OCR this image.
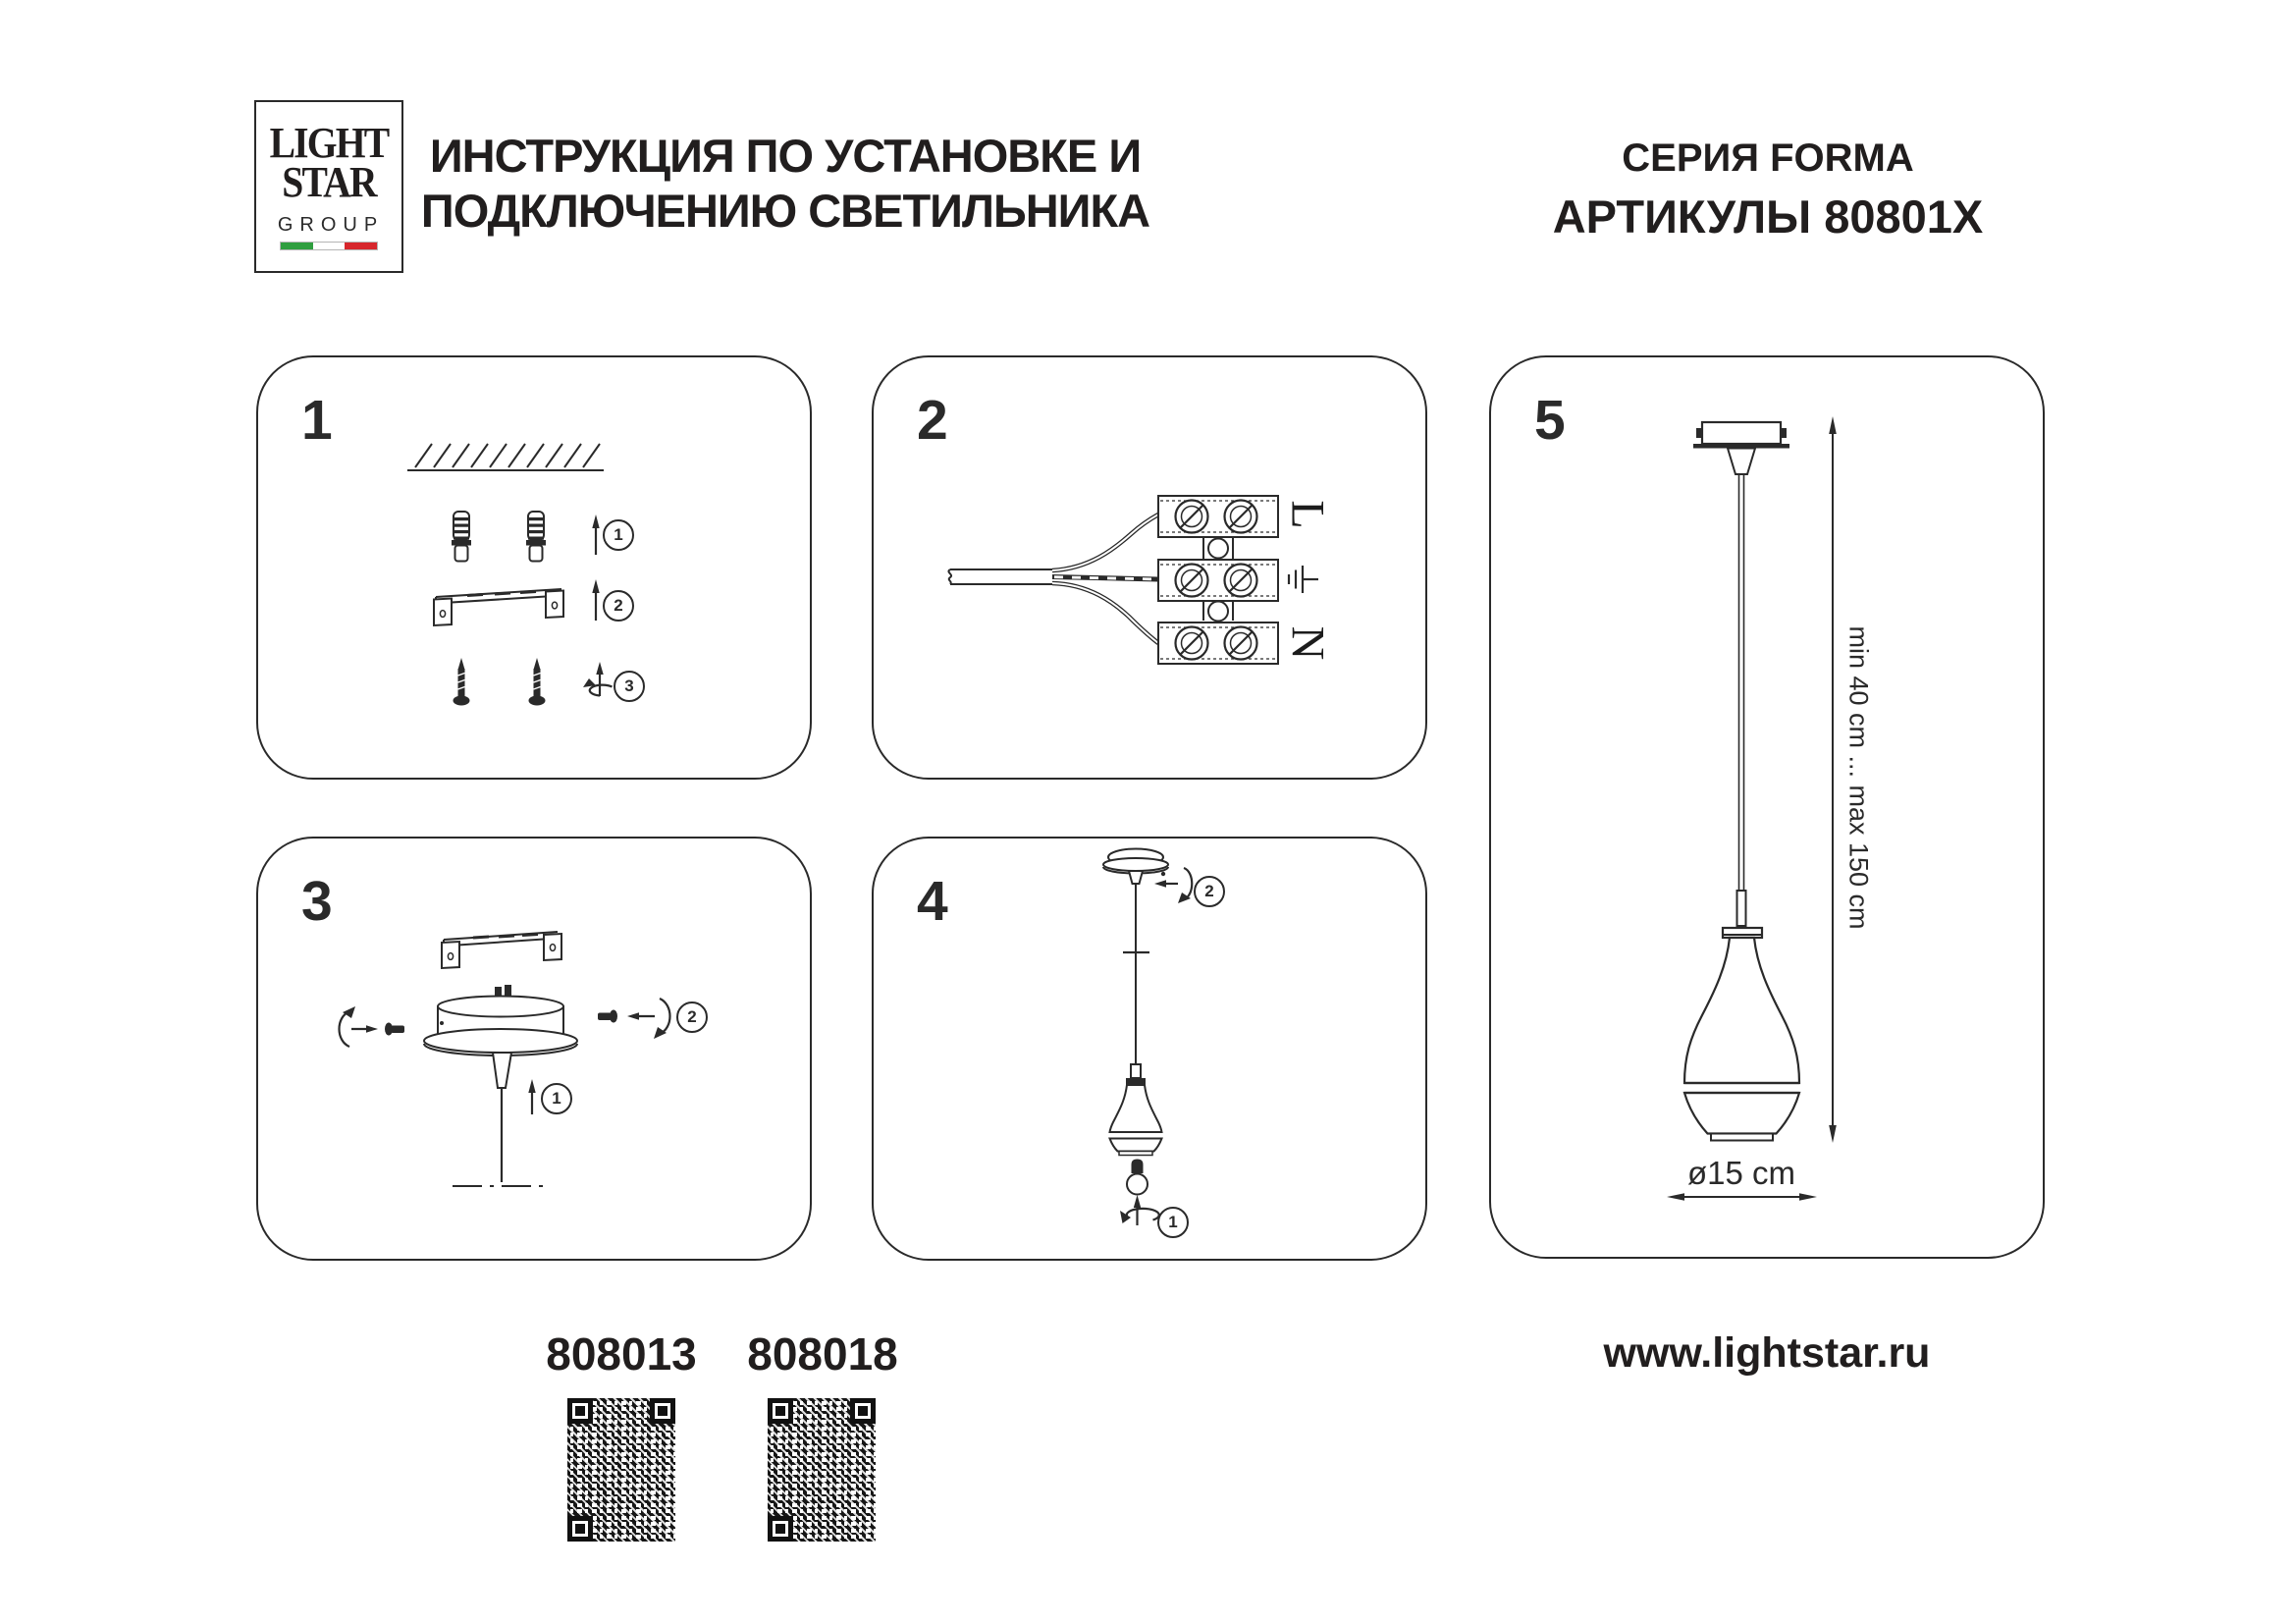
LIGHT
STAR
GROUP
ИНСТРУКЦИЯ ПО УСТАНОВКЕ И
ПОДКЛЮЧЕНИЮ СВЕТИЛЬНИКА
СЕРИЯ FORMA
АРТИКУЛЫ 80801X
1
1
2
3
2
L
N
3
1
2
4	2
1
5
min 40 cm ... max 150 cm
ø15 cm
808013 808018	www.lightstar.ru
